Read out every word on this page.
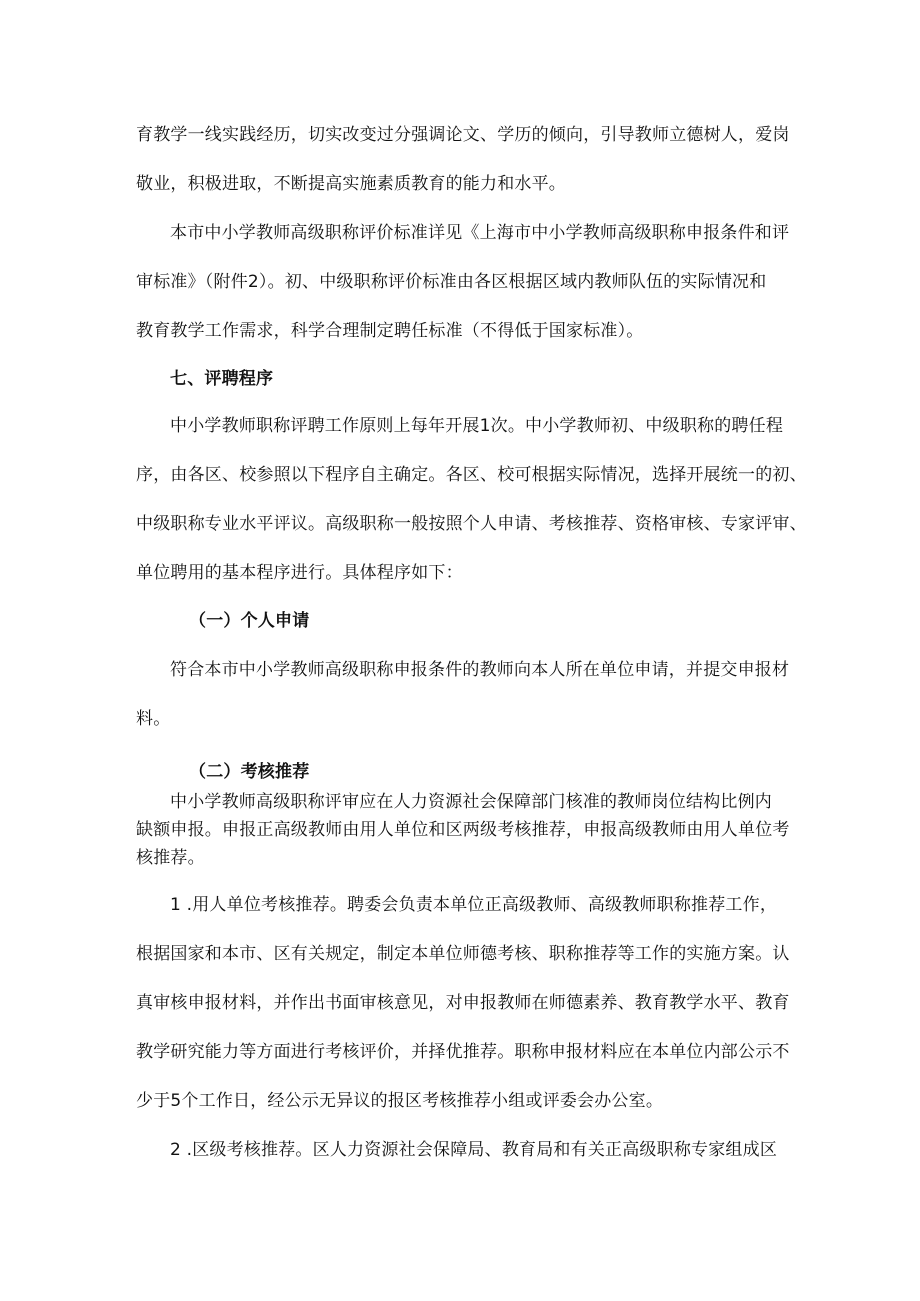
育教学一线实践经历，切实改变过分强调论文、学历的倾向，引导教师立德树人，爱岗
敬业，积极进取，不断提高实施素质教育的能力和水平。
本市中小学教师高级职称评价标准详见《上海市中小学教师高级职称申报条件和评
审标准》（附件2）。初、中级职称评价标准由各区根据区域内教师队伍的实际情况和
教育教学工作需求，科学合理制定聘任标准（不得低于国家标准）。
七、评聘程序
中小学教师职称评聘工作原则上每年开展1次。中小学教师初、中级职称的聘任程
序，由各区、校参照以下程序自主确定。各区、校可根据实际情况，选择开展统一的初、
中级职称专业水平评议。高级职称一般按照个人申请、考核推荐、资格审核、专家评审、
单位聘用的基本程序进行。具体程序如下：
（一）个人申请
符合本市中小学教师高级职称申报条件的教师向本人所在单位申请，并提交申报材
料。
（二）考核推荐
中小学教师高级职称评审应在人力资源社会保障部门核准的教师岗位结构比例内
缺额申报。申报正高级教师由用人单位和区两级考核推荐，申报高级教师由用人单位考
核推荐。
1 .用人单位考核推荐。聘委会负责本单位正高级教师、高级教师职称推荐工作，
根据国家和本市、区有关规定，制定本单位师德考核、职称推荐等工作的实施方案。认
真审核申报材料，并作出书面审核意见，对申报教师在师德素养、教育教学水平、教育
教学研究能力等方面进行考核评价，并择优推荐。职称申报材料应在本单位内部公示不
少于5个工作日，经公示无异议的报区考核推荐小组或评委会办公室。
2 .区级考核推荐。区人力资源社会保障局、教育局和有关正高级职称专家组成区
